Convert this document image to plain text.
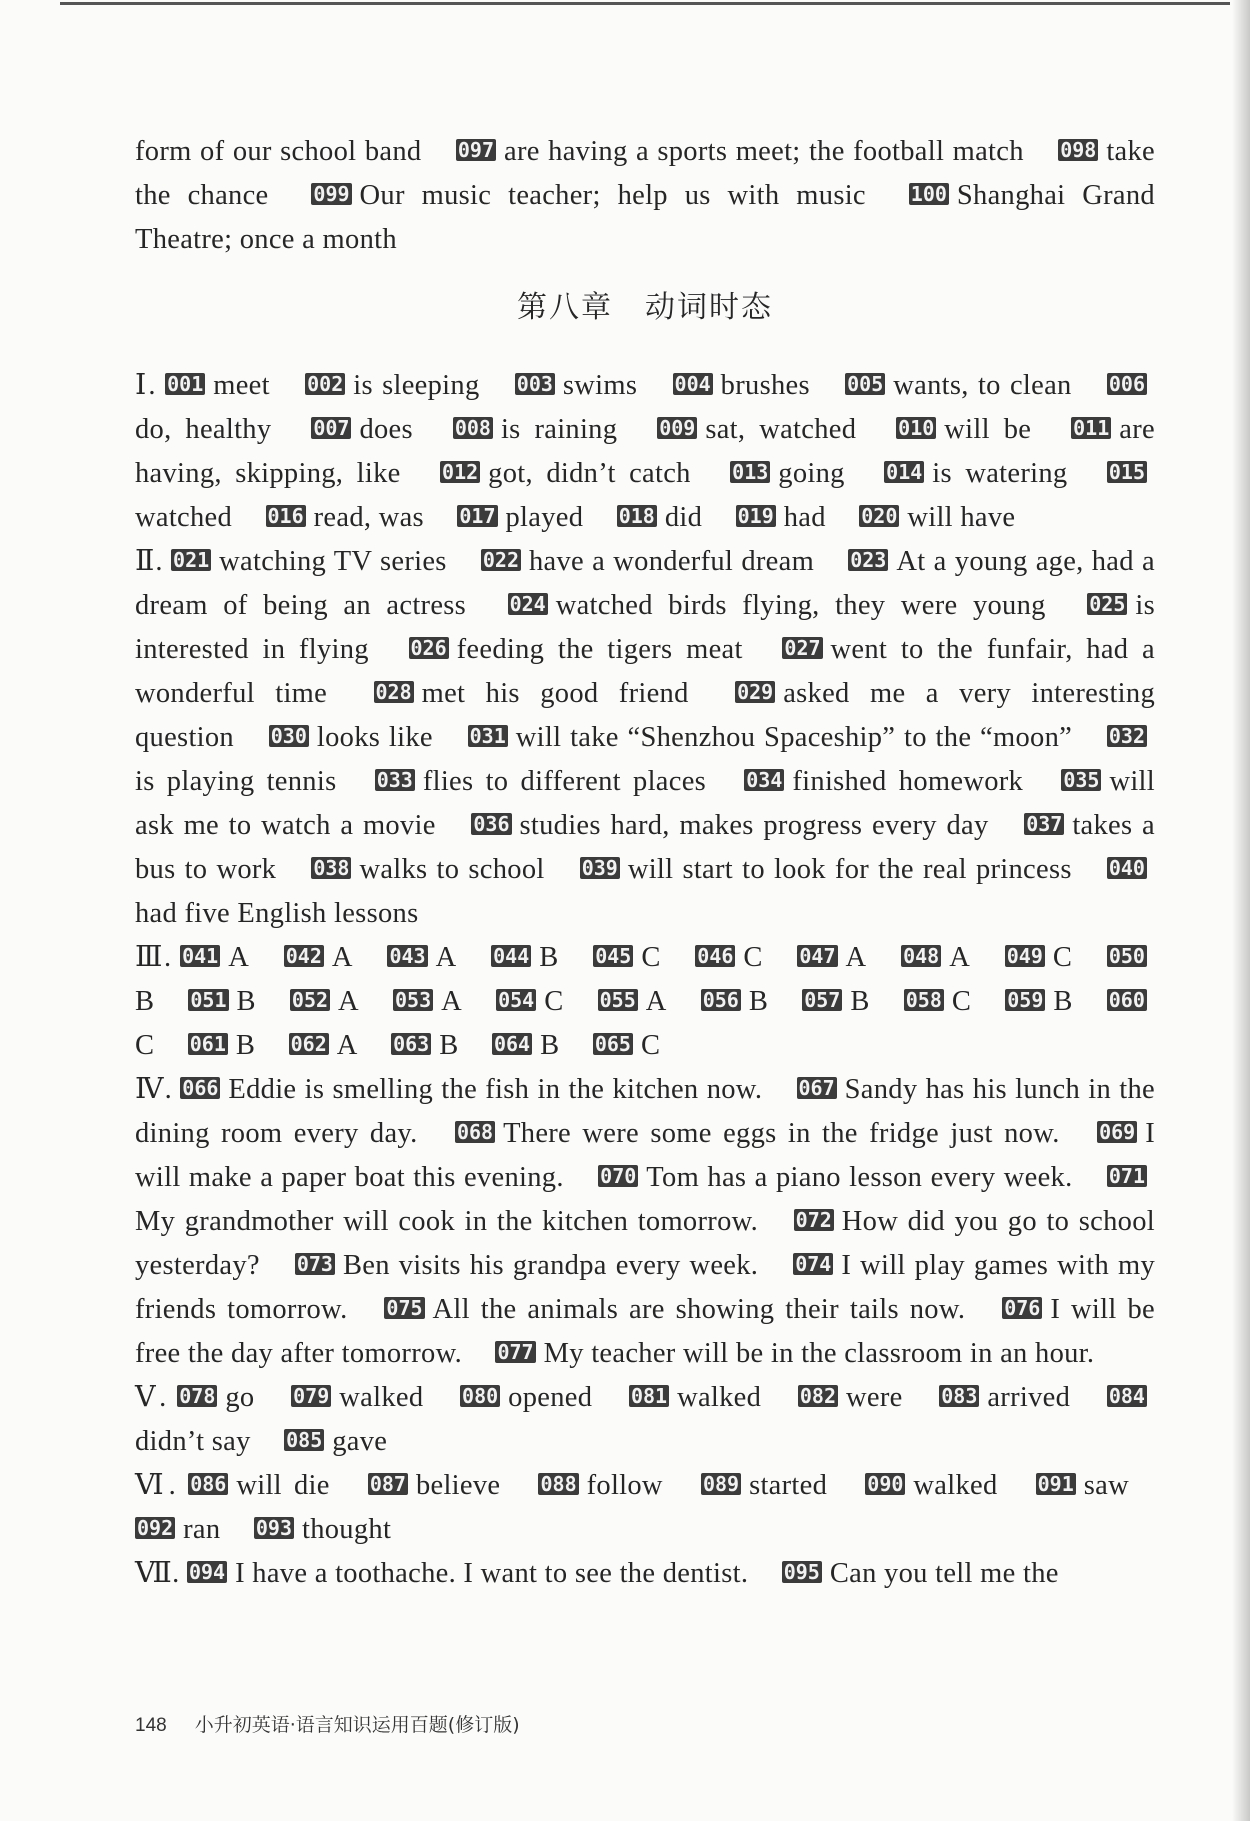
form of our school band 097 are having a sports meet; the football match 098 take the chance 099 Our music teacher; help us with music 100 Shanghai Grand Theatre; once a month

第八章　动词时态

Ⅰ. 001 meet 002 is sleeping 003 swims 004 brushes 005 wants, to clean 006do, healthy 007 does 008 is raining 009 sat, watched 010 will be 011 are having, skipping, like 012 got, didn’t catch 013 going 014 is watering 015watched 016 read, was 017 played 018 did 019 had 020 will have

Ⅱ. 021 watching TV series 022 have a wonderful dream 023 At a young age, had a dream of being an actress 024 watched birds flying, they were young 025 is interested in flying 026 feeding the tigers meat 027 went to the funfair, had a wonderful time 028 met his good friend 029 asked me a very interesting question 030 looks like 031 will take “Shenzhou Spaceship” to the “moon” 032is playing tennis 033 flies to different places 034 finished homework 035 will ask me to watch a movie 036 studies hard, makes progress every day 037 takes a bus to work 038 walks to school 039 will start to look for the real princess 040had five English lessons

Ⅲ. 041 A 042 A 043 A 044 B 045 C 046 C 047 A 048 A 049 C 050B 051 B 052 A 053 A 054 C 055 A 056 B 057 B 058 C 059 B 060C 061 B 062 A 063 B 064 B 065 C

Ⅳ. 066 Eddie is smelling the fish in the kitchen now. 067 Sandy has his lunch in the dining room every day. 068 There were some eggs in the fridge just now. 069 I will make a paper boat this evening. 070 Tom has a piano lesson every week. 071My grandmother will cook in the kitchen tomorrow. 072 How did you go to school yesterday? 073 Ben visits his grandpa every week. 074 I will play games with my friends tomorrow. 075 All the animals are showing their tails now. 076 I will be free the day after tomorrow. 077 My teacher will be in the classroom in an hour.

Ⅴ. 078 go 079 walked 080 opened 081 walked 082 were 083 arrived 084didn’t say 085 gave

Ⅵ. 086 will die 087 believe 088 follow 089 started 090 walked 091 saw 092 ran 093 thought

Ⅶ. 094 I have a toothache. I want to see the dentist. 095 Can you tell me the

148 小升初英语·语言知识运用百题(修订版)
